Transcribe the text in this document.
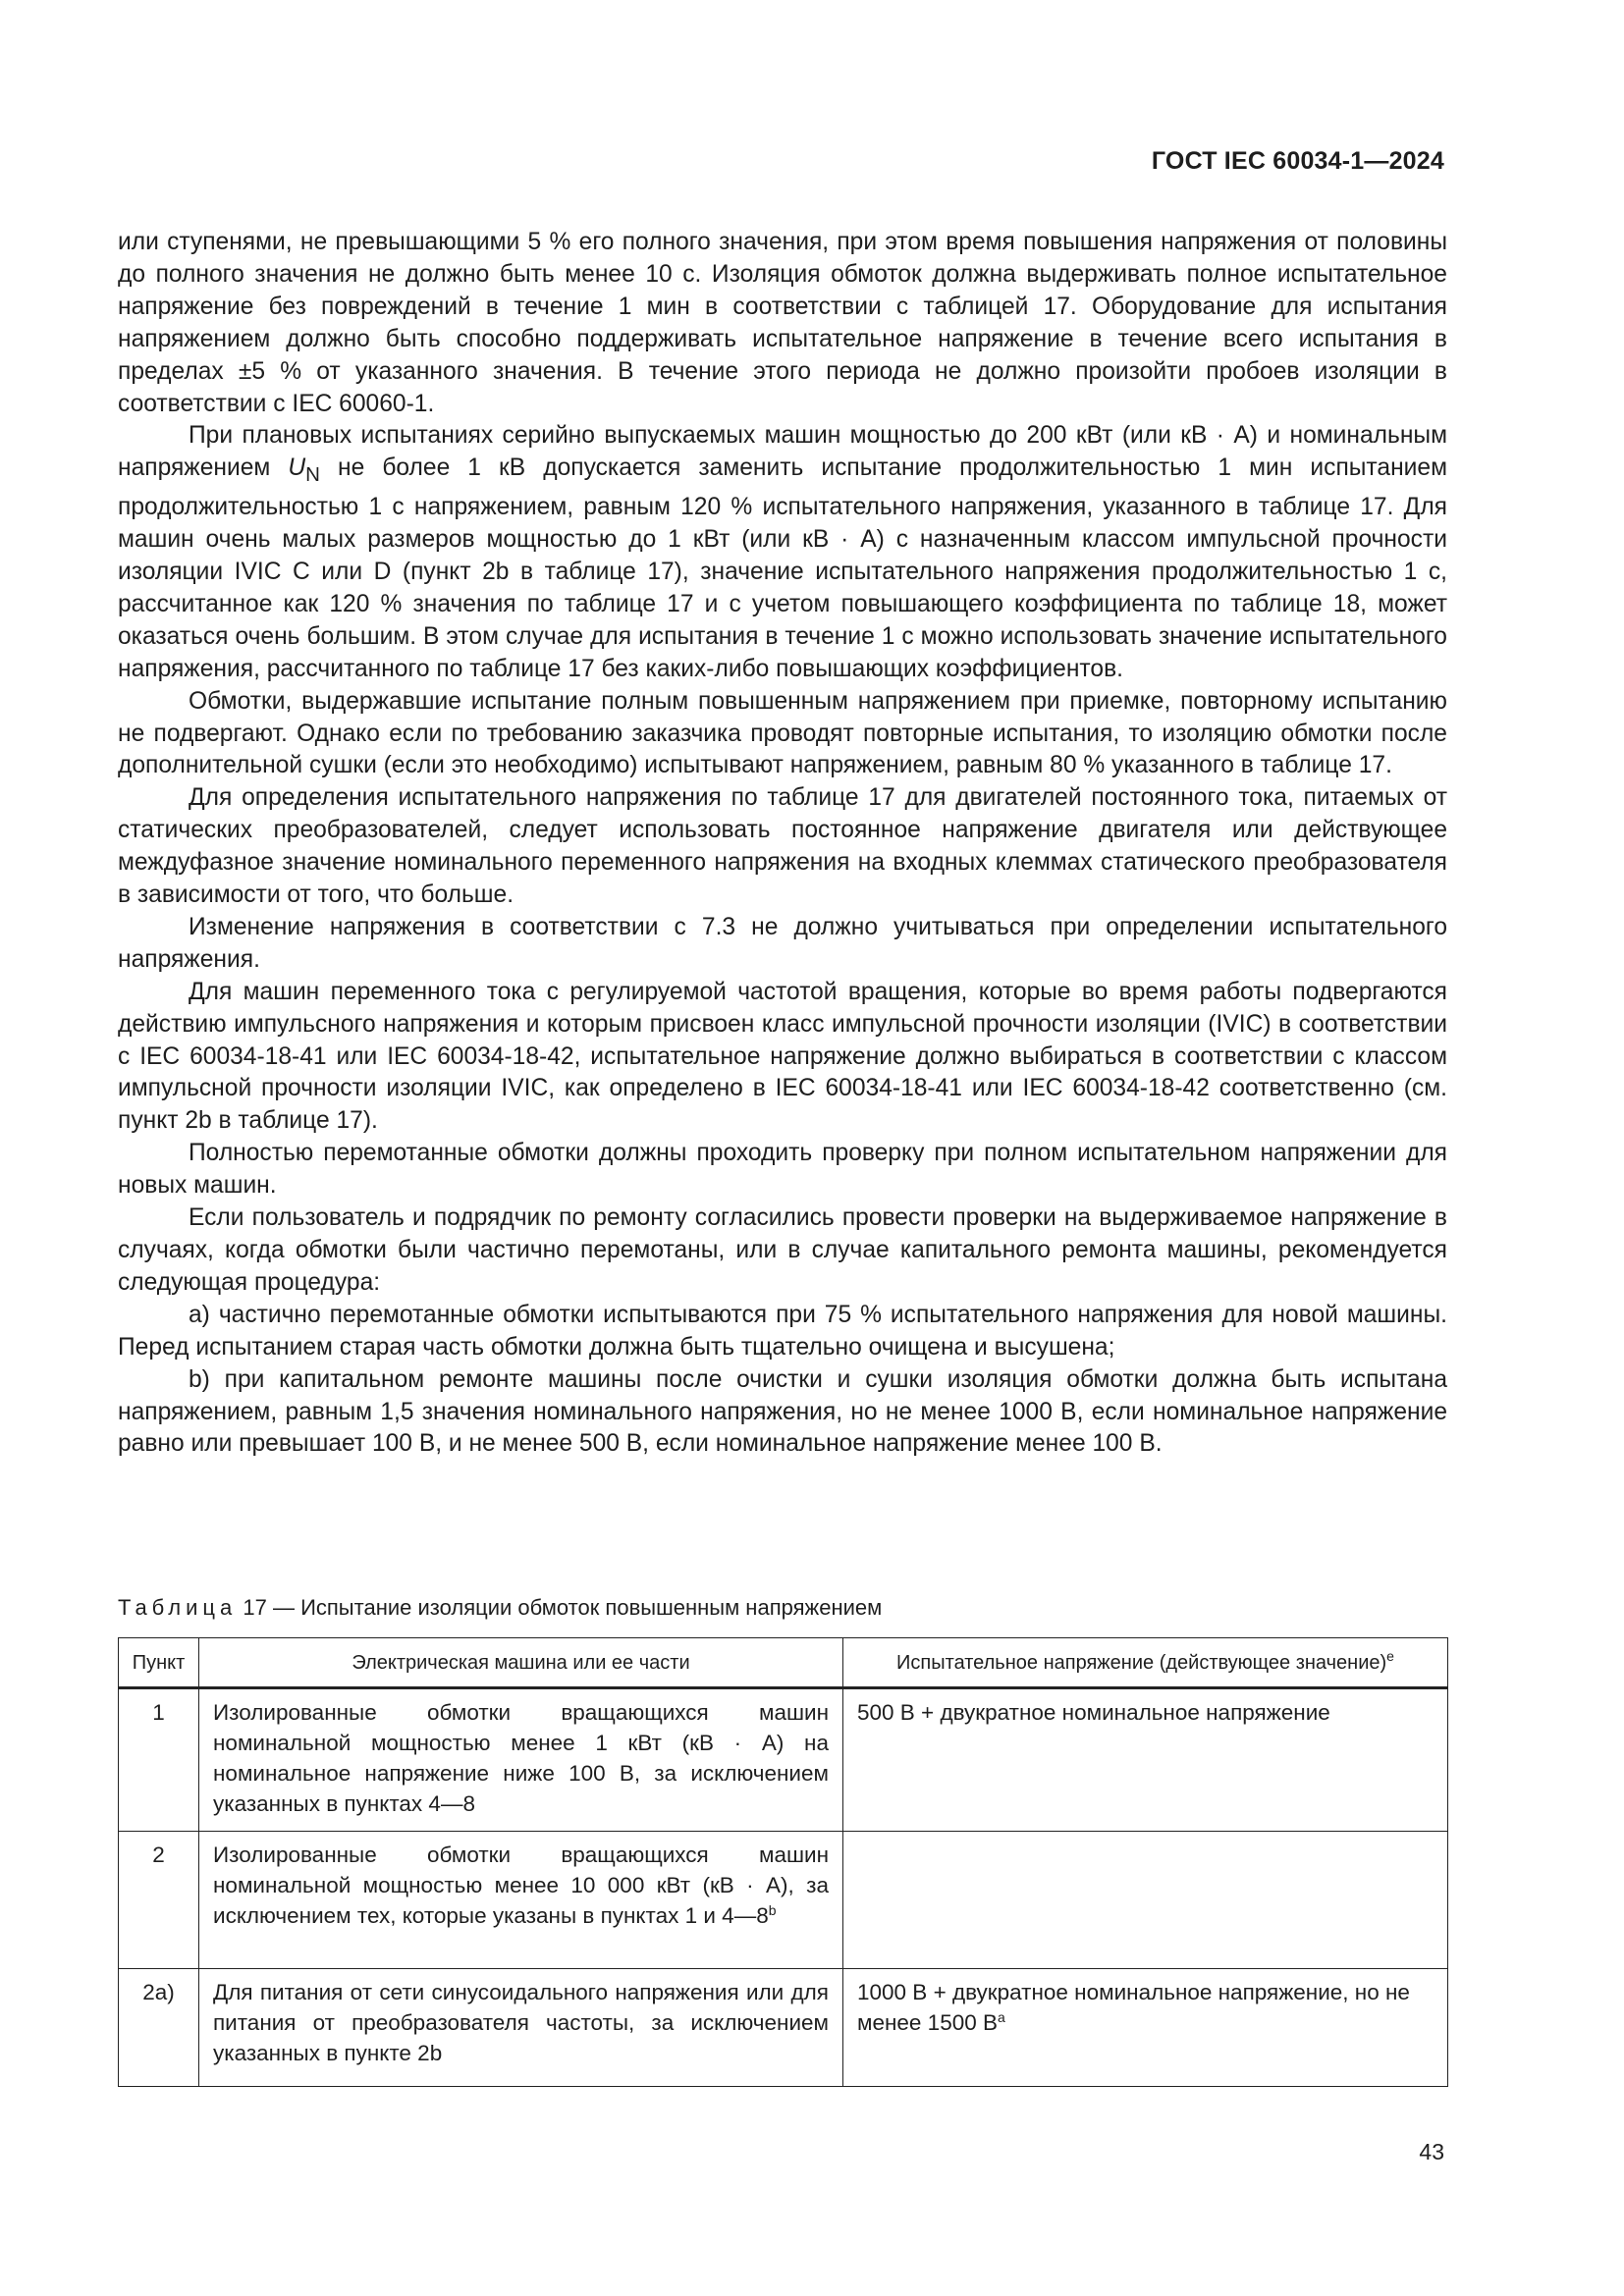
ГОСТ IEC 60034-1—2024

или ступенями, не превышающими 5 % его полного значения, при этом время повышения напряжения от половины до полного значения не должно быть менее 10 с. Изоляция обмоток должна выдерживать полное испытательное напряжение без повреждений в течение 1 мин в соответствии с таблицей 17. Оборудование для испытания напряжением должно быть способно поддерживать испытательное напряжение в течение всего испытания в пределах ±5 % от указанного значения. В течение этого периода не должно произойти пробоев изоляции в соответствии с IEC 60060-1.

При плановых испытаниях серийно выпускаемых машин мощностью до 200 кВт (или кВ · А) и номинальным напряжением $U_N$ не более 1 кВ допускается заменить испытание продолжительностью 1 мин испытанием продолжительностью 1 с напряжением, равным 120 % испытательного напряжения, указанного в таблице 17. Для машин очень малых размеров мощностью до 1 кВт (или кВ · А) с назначенным классом импульсной прочности изоляции IVIC C или D (пункт 2b в таблице 17), значение испытательного напряжения продолжительностью 1 с, рассчитанное как 120 % значения по таблице 17 и с учетом повышающего коэффициента по таблице 18, может оказаться очень большим. В этом случае для испытания в течение 1 с можно использовать значение испытательного напряжения, рассчитанного по таблице 17 без каких-либо повышающих коэффициентов.

Обмотки, выдержавшие испытание полным повышенным напряжением при приемке, повторному испытанию не подвергают. Однако если по требованию заказчика проводят повторные испытания, то изоляцию обмотки после дополнительной сушки (если это необходимо) испытывают напряжением, равным 80 % указанного в таблице 17.

Для определения испытательного напряжения по таблице 17 для двигателей постоянного тока, питаемых от статических преобразователей, следует использовать постоянное напряжение двигателя или действующее междуфазное значение номинального переменного напряжения на входных клеммах статического преобразователя в зависимости от того, что больше.

Изменение напряжения в соответствии с 7.3 не должно учитываться при определении испытательного напряжения.

Для машин переменного тока с регулируемой частотой вращения, которые во время работы подвергаются действию импульсного напряжения и которым присвоен класс импульсной прочности изоляции (IVIC) в соответствии с IEC 60034-18-41 или IEC 60034-18-42, испытательное напряжение должно выбираться в соответствии с классом импульсной прочности изоляции IVIC, как определено в IEC 60034-18-41 или IEC 60034-18-42 соответственно (см. пункт 2b в таблице 17).

Полностью перемотанные обмотки должны проходить проверку при полном испытательном напряжении для новых машин.

Если пользователь и подрядчик по ремонту согласились провести проверки на выдерживаемое напряжение в случаях, когда обмотки были частично перемотаны, или в случае капитального ремонта машины, рекомендуется следующая процедура:

a) частично перемотанные обмотки испытываются при 75 % испытательного напряжения для новой машины. Перед испытанием старая часть обмотки должна быть тщательно очищена и высушена;

b) при капитальном ремонте машины после очистки и сушки изоляция обмотки должна быть испытана напряжением, равным 1,5 значения номинального напряжения, но не менее 1000 В, если номинальное напряжение равно или превышает 100 В, и не менее 500 В, если номинальное напряжение менее 100 В.

Таблица 17 — Испытание изоляции обмоток повышенным напряжением
Пункт	Электрическая машина или ее части	Испытательное напряжение (действующее значение)$^e$
1	Изолированные обмотки вращающихся машин номинальной мощностью менее 1 кВт (кВ · А) на номинальное напряжение ниже 100 В, за исключением указанных в пунктах 4—8	500 В + двукратное номинальное напряжение
2	Изолированные обмотки вращающихся машин номинальной мощностью менее 10 000 кВт (кВ · А), за исключением тех, которые указаны в пунктах 1 и 4—8$^b$	
2a)	Для питания от сети синусоидального напряжения или для питания от преобразователя частоты, за исключением указанных в пункте 2b	1000 В + двукратное номинальное напряжение, но не менее 1500 $В^a$
43
